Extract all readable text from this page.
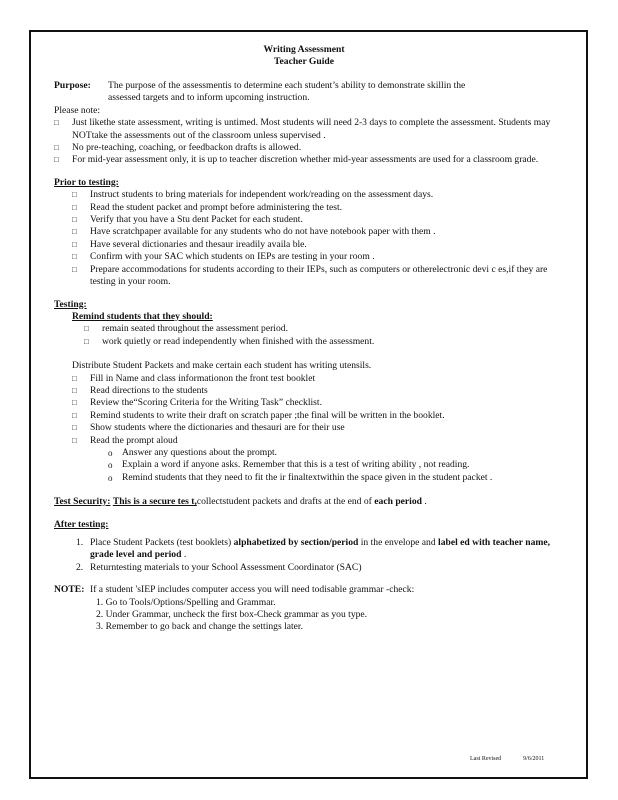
Writing Assessment
Teacher Guide
Purpose:	The purpose of the assessmentis to determine each student’s ability to demonstrate skillin the

assessed targets and to inform upcoming instruction.

Please note:

□	Just likethe state assessment, writing is untimed. Most students will need 2-3 days to complete the assessment. Students may NOTtake the assessments out of the classroom unless supervised .
□	No pre-teaching, coaching, or feedbackon drafts is allowed.
□	For mid-year assessment only, it is up to teacher discretion whether mid-year assessments are used for a classroom grade.
Prior to testing:
□	Instruct students to bring materials for independent work/reading on the assessment days.
□	Read the student packet and prompt before administering the test.
□	Verify that you have a Stu dent Packet for each student.
□	Have scratchpaper available for any students who do not have notebook paper with them .
□	Have several dictionaries and thesaur ireadily availa ble.
□	Confirm with your SAC which students on IEPs are testing in your room .
□	Prepare accommodations for students according to their IEPs, such as computers or otherelectronic devi c es,if they are testing in your room.
Testing:
Remind students that they should:
□	remain seated throughout the assessment period.
□	work quietly or read independently when finished with the assessment.

Distribute Student Packets and make certain each student has writing utensils.

□	Fill in Name and class informationon the front test booklet
□	Read directions to the students
□	Review the“Scoring Criteria for the Writing Task” checklist.
□	Remind students to write their draft on scratch paper ;the final will be written in the booklet.
□	Show students where the dictionaries and thesauri are for their use
□	Read the prompt aloud
o Answer any questions about the prompt.
o Explain a word if anyone asks. Remember that this is a test of writing ability , not reading.
o Remind students that they need to fit the ir finaltextwithin the space given in the student packet .

Test Security: This is a secure tes t,collectstudent packets and drafts at the end of each period .

After testing:
1. Place Student Packets (test booklets) alphabetized by section/period in the envelope and label ed with teacher name, grade level and period .
2. Returntesting materials to your School Assessment Coordinator (SAC)
NOTE: If a student 'sIEP includes computer access you will need todisable grammar -check:

1. Go to Tools/Options/Spelling and Grammar.

2. Under Grammar, uncheck the first box-Check grammar as you type.

3. Remember to go back and change the settings later.

Last Revised	9/6/2011
